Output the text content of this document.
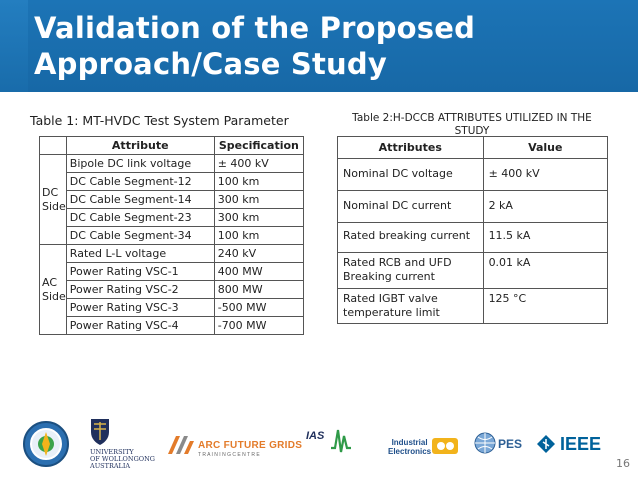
Validation of the Proposed Approach/Case Study
Table 1: MT-HVDC Test System Parameter	Table 2:H-DCCB ATTRIBUTES UTILIZED IN THE STUDY
	Attribute	Specification
DC Side	Bipole DC link voltage	± 400 kV
	DC Cable Segment-12	100 km
	DC Cable Segment-14	300 km
	DC Cable Segment-23	300 km
	DC Cable Segment-34	100 km
AC Side	Rated L-L voltage	240 kV
	Power Rating VSC-1	400 MW
	Power Rating VSC-2	800 MW
	Power Rating VSC-3	-500 MW
	Power Rating VSC-4	-700 MW
Attributes	Value
Nominal DC voltage	± 400 kV
Nominal DC current	2 kA
Rated breaking current	11.5 kA
Rated RCB and UFD Breaking current	0.01 kA
Rated IGBT valve temperature limit	125 °C
UNIVERSITY
OF WOLLONGONG
AUSTRALIA
ARC FUTURE GRIDS
T R A I N I N G C E N T R E
IAS
Industrial
Electronics
PES IEEE
16
